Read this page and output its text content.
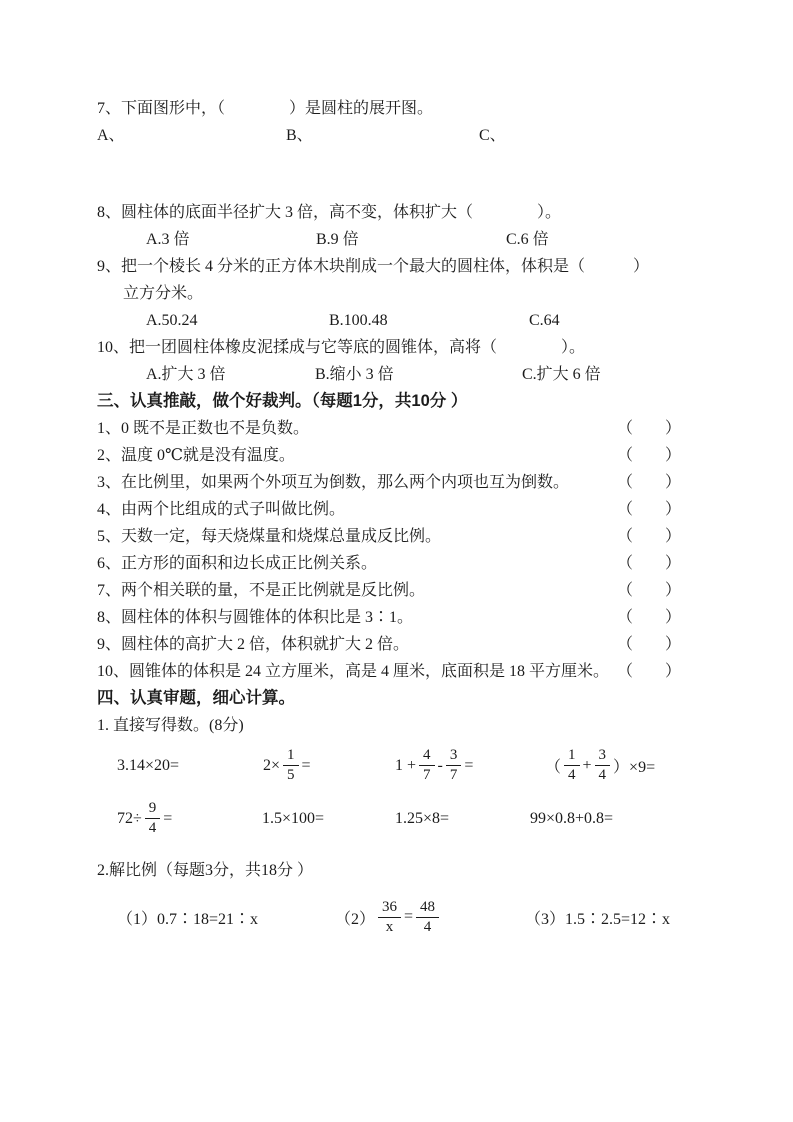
7、下面图形中，（　　　　）是圆柱的展开图。
A、	B、	C、
8、圆柱体的底面半径扩大 3 倍，高不变，体积扩大（　　　　）。
A.3 倍	B.9 倍	C.6 倍
9、把一个棱长 4 分米的正方体木块削成一个最大的圆柱体，体积是（　　　）
立方分米。
A.50.24	B.100.48	C.64
10、把一团圆柱体橡皮泥揉成与它等底的圆锥体，高将（　　　　）。
A.扩大 3 倍	B.缩小 3 倍	C.扩大 6 倍
三、认真推敲，做个好裁判。（每题1分，共10分 ）
1、0 既不是正数也不是负数。	（　　）
2、温度 0℃就是没有温度。	（　　）
3、在比例里，如果两个外项互为倒数，那么两个内项也互为倒数。	（　　）
4、由两个比组成的式子叫做比例。	（　　）
5、天数一定，每天烧煤量和烧煤总量成反比例。	（　　）
6、正方形的面积和边长成正比例关系。	（　　）
7、两个相关联的量，不是正比例就是反比例。	（　　）
8、圆柱体的体积与圆锥体的体积比是 3∶1。	（　　）
9、圆柱体的高扩大 2 倍，体积就扩大 2 倍。	（　　）
10、圆锥体的体积是 24 立方厘米，高是 4 厘米，底面积是 18 平方厘米。 （　　）
四、认真审题，细心计算。
1. 直接写得数。(8分)
3.14×20=	$2\times \frac{1}{5}$ =	$1 + \frac{4}{7} - \frac{3}{7}$ =	（ $\frac{1}{4} + \frac{3}{4} )\times 9=$
$72\div \frac{9}{4}$ =	1.5×100=	1.25×8=	99×0.8+0.8=
2.解比例（每题3分，共18分 ）
（1）0.7∶18=21∶x	$(2) \frac{36}{x} = \frac{48}{4}$	（3）1.5∶2.5=12∶x
